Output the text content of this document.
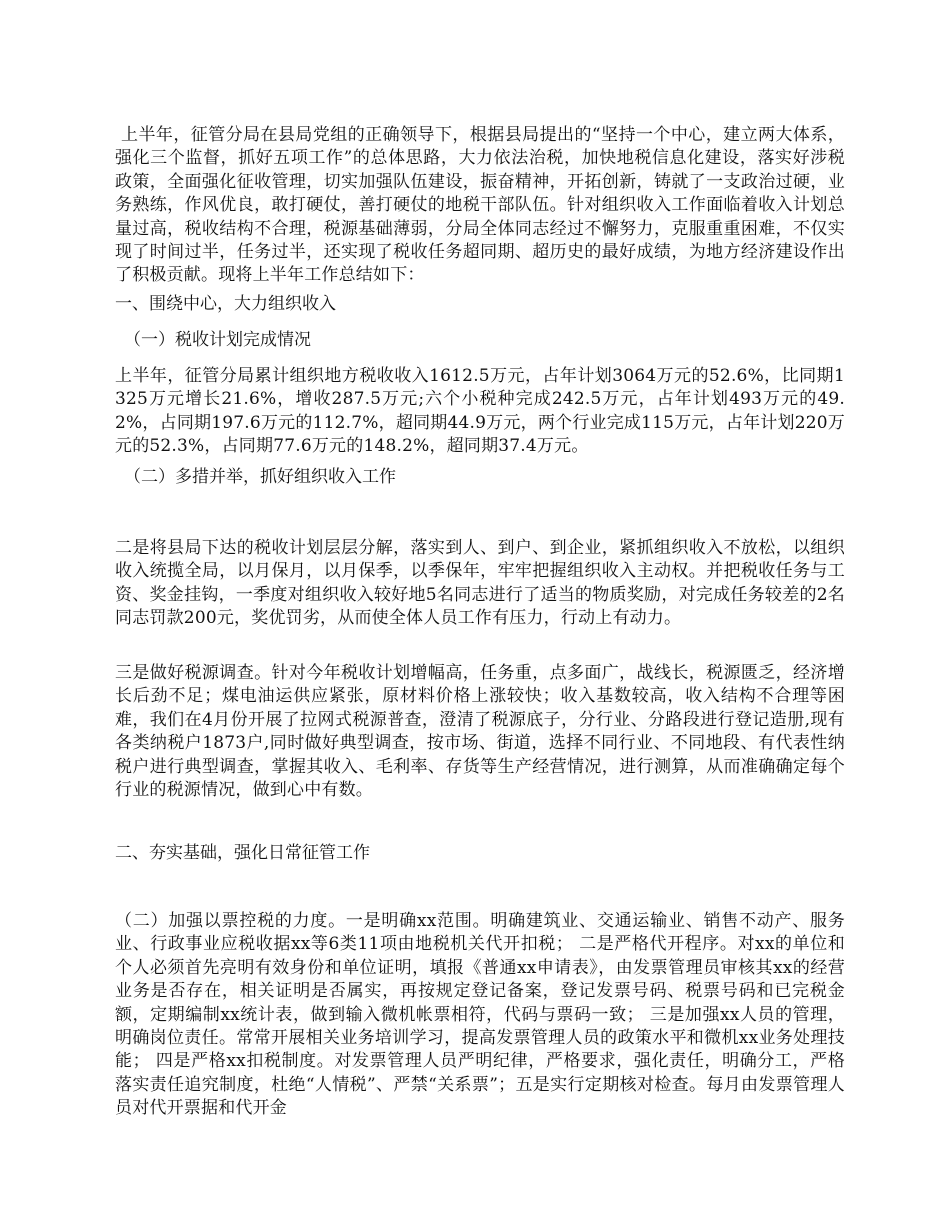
上半年，征管分局在县局党组的正确领导下，根据县局提出的“坚持一个中心，建立两大体系，强化三个监督，抓好五项工作”的总体思路，大力依法治税，加快地税信息化建设，落实好涉税政策，全面强化征收管理，切实加强队伍建设，振奋精神，开拓创新，铸就了一支政治过硬，业务熟练，作风优良，敢打硬仗，善打硬仗的地税干部队伍。针对组织收入工作面临着收入计划总量过高，税收结构不合理，税源基础薄弱，分局全体同志经过不懈努力，克服重重困难，不仅实现了时间过半，任务过半，还实现了税收任务超同期、超历史的最好成绩，为地方经济建设作出了积极贡献。现将上半年工作总结如下：

一、围绕中心，大力组织收入

（一）税收计划完成情况

上半年，征管分局累计组织地方税收收入1612.5万元，占年计划3064万元的52.6%，比同期1325万元增长21.6%，增收287.5万元;六个小税种完成242.5万元，占年计划493万元的49.2%，占同期197.6万元的112.7%，超同期44.9万元，两个行业完成115万元，占年计划220万元的52.3%，占同期77.6万元的148.2%，超同期37.4万元。

（二）多措并举，抓好组织收入工作

二是将县局下达的税收计划层层分解，落实到人、到户、到企业，紧抓组织收入不放松，以组织收入统揽全局，以月保月，以月保季，以季保年，牢牢把握组织收入主动权。并把税收任务与工资、奖金挂钩，一季度对组织收入较好地5名同志进行了适当的物质奖励，对完成任务较差的2名同志罚款200元，奖优罚劣，从而使全体人员工作有压力，行动上有动力。

三是做好税源调查。针对今年税收计划增幅高，任务重，点多面广，战线长，税源匮乏，经济增长后劲不足；煤电油运供应紧张，原材料价格上涨较快；收入基数较高，收入结构不合理等困难，我们在4月份开展了拉网式税源普查，澄清了税源底子，分行业、分路段进行登记造册,现有各类纳税户1873户,同时做好典型调查，按市场、街道，选择不同行业、不同地段、有代表性纳税户进行典型调查，掌握其收入、毛利率、存货等生产经营情况，进行测算，从而准确确定每个行业的税源情况，做到心中有数。

二、夯实基础，强化日常征管工作

（二）加强以票控税的力度。一是明确xx范围。明确建筑业、交通运输业、销售不动产、服务业、行政事业应税收据xx等6类11项由地税机关代开扣税； 二是严格代开程序。对xx的单位和个人必须首先亮明有效身份和单位证明，填报《普通xx申请表》，由发票管理员审核其xx的经营业务是否存在，相关证明是否属实，再按规定登记备案，登记发票号码、税票号码和已完税金额，定期编制xx统计表，做到输入微机帐票相符，代码与票码一致； 三是加强xx人员的管理，明确岗位责任。常常开展相关业务培训学习，提高发票管理人员的政策水平和微机xx业务处理技能； 四是严格xx扣税制度。对发票管理人员严明纪律，严格要求，强化责任，明确分工，严格落实责任追究制度，杜绝“人情税”、严禁“关系票”；五是实行定期核对检查。每月由发票管理人员对代开票据和代开金
